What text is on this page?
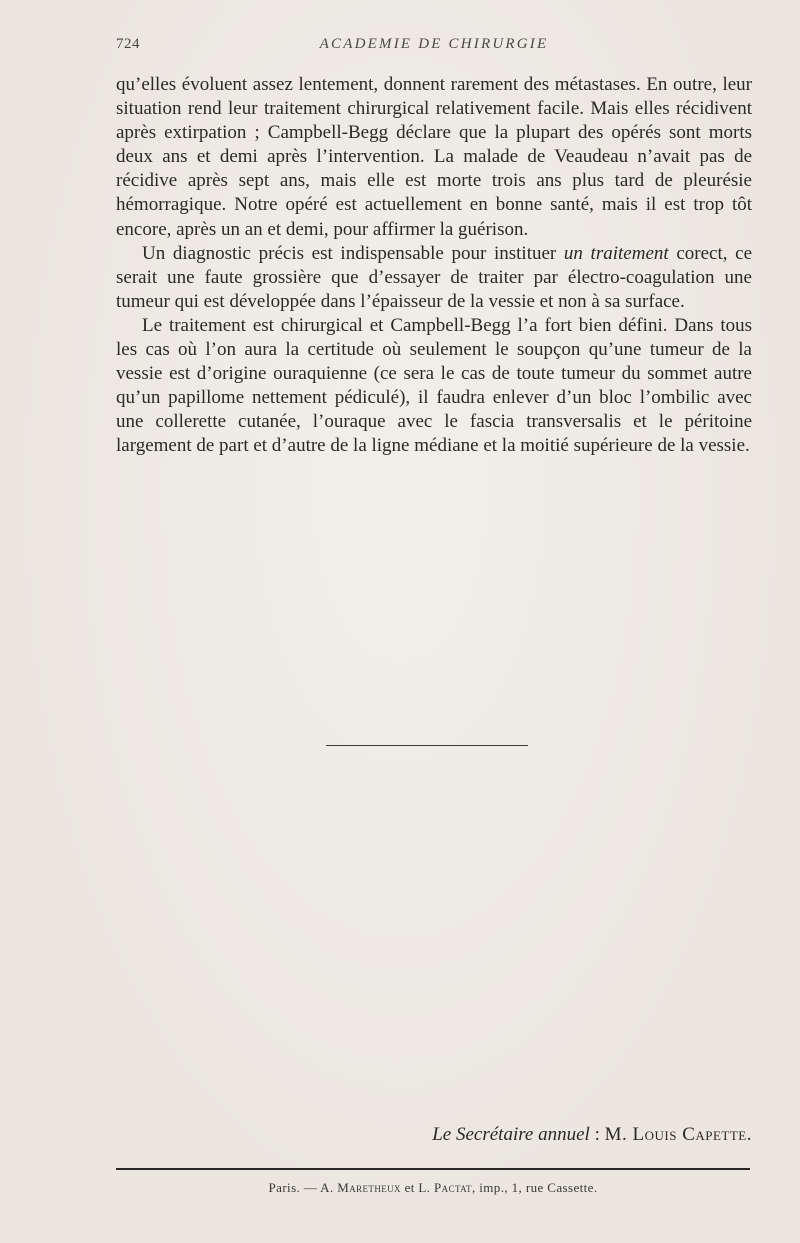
724	ACADEMIE DE CHIRURGIE

qu’elles évoluent assez lentement, donnent rarement des métastases. En outre, leur situation rend leur traitement chirurgical relativement facile. Mais elles récidivent après extirpation ; Campbell-Begg déclare que la plupart des opérés sont morts deux ans et demi après l’intervention. La malade de Veaudeau n’avait pas de récidive après sept ans, mais elle est morte trois ans plus tard de pleurésie hémorragique. Notre opéré est actuellement en bonne santé, mais il est trop tôt encore, après un an et demi, pour affirmer la guérison.

Un diagnostic précis est indispensable pour instituer un traitement corect, ce serait une faute grossière que d’essayer de traiter par électro-coagulation une tumeur qui est développée dans l’épaisseur de la vessie et non à sa surface.

Le traitement est chirurgical et Campbell-Begg l’a fort bien défini. Dans tous les cas où l’on aura la certitude où seulement le soupçon qu’une tumeur de la vessie est d’origine ouraquienne (ce sera le cas de toute tumeur du sommet autre qu’un papillome nettement pédiculé), il faudra enlever d’un bloc l’ombilic avec une collerette cutanée, l’ouraque avec le fascia transversalis et le péritoine largement de part et d’autre de la ligne médiane et la moitié supérieure de la vessie.

Le Secrétaire annuel : M. Louis Capette.
Paris. — A. Maretheux et L. Pactat, imp., 1, rue Cassette.
